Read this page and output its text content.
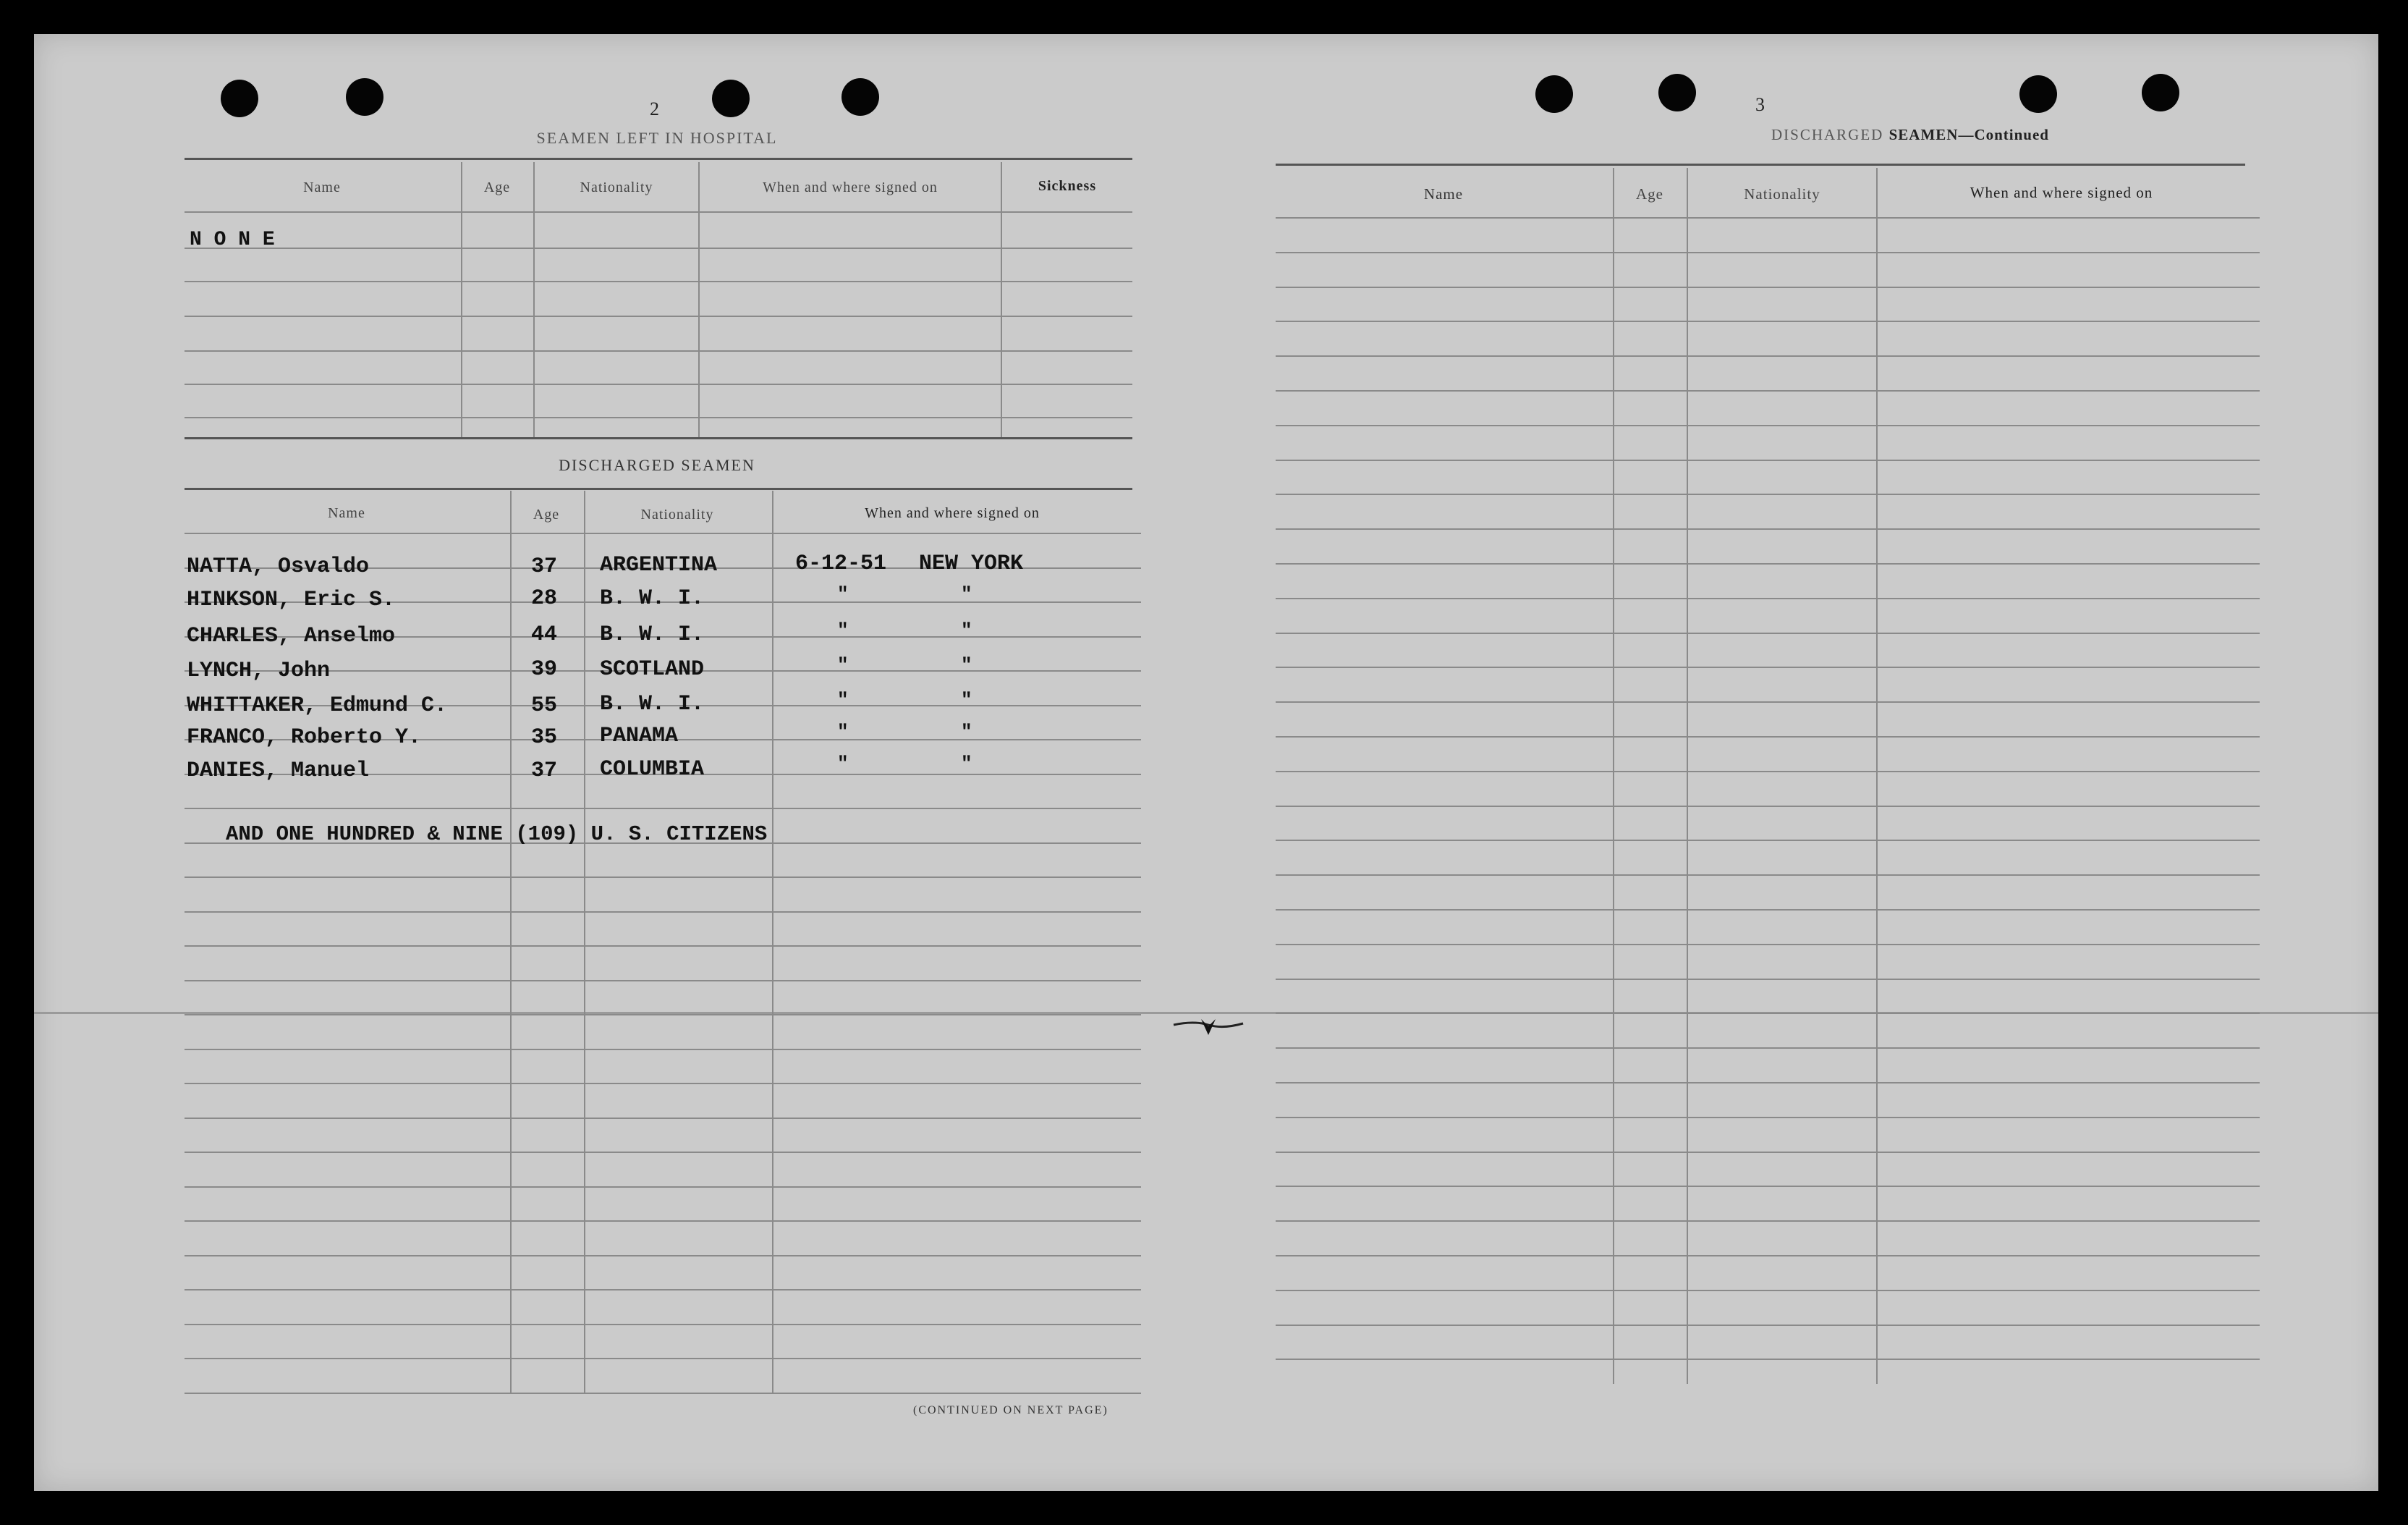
2
SEAMEN LEFT IN HOSPITAL
Name	Age	Nationality	When and where signed on	Sickness
N O N E
DISCHARGED SEAMEN
Name	Age	Nationality	When and where signed on
NATTA, Osvaldo	37 ARGENTINA	6-12-51 NEW YORK
HINKSON, Eric S.	28 B. W. I.	"	"
CHARLES, Anselmo	44 B. W. I.	"	"
LYNCH, John	39 SCOTLAND	"	"
WHITTAKER, Edmund C.	55 B. W. I.	"	"
FRANCO, Roberto Y.	35 PANAMA	"	"
DANIES, Manuel	37 COLUMBIA	"	"
AND ONE HUNDRED & NINE (109) U. S. CITIZENS
(CONTINUED ON NEXT PAGE)
3
DISCHARGED SEAMEN—Continued
Name	Age	Nationality	When and where signed on
